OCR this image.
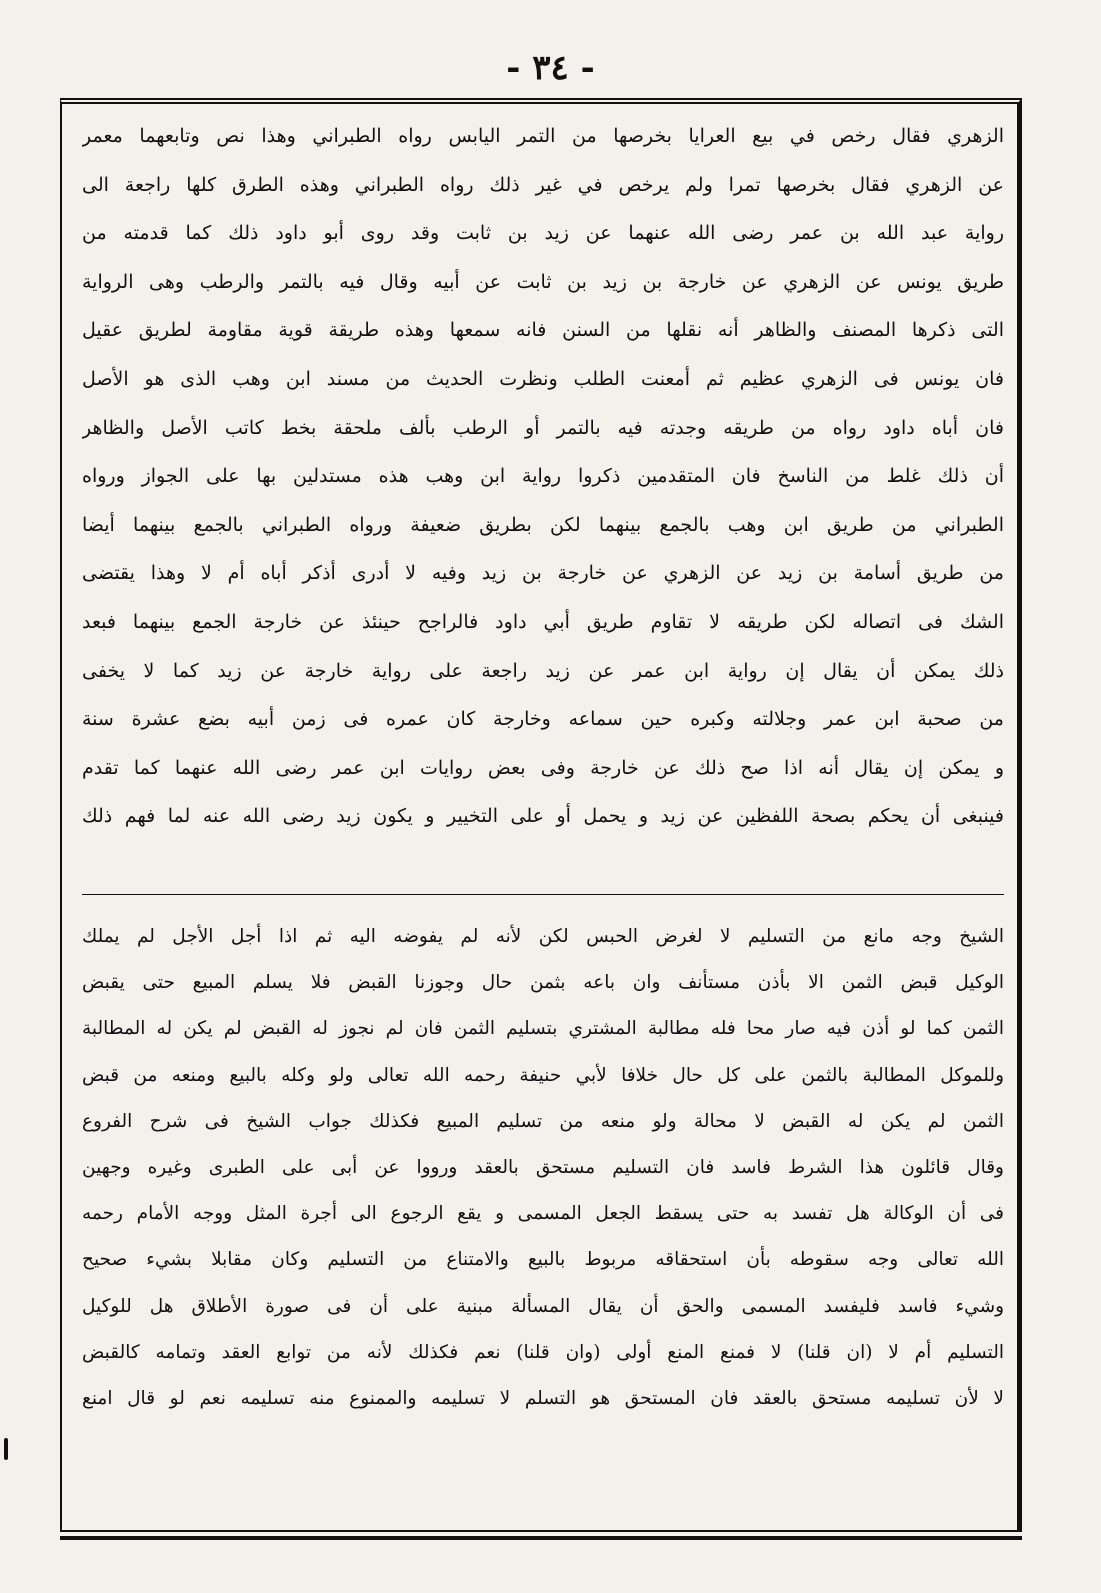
- ٣٤ -
الزهري فقال رخص في بيع العرايا بخرصها من التمر اليابس رواه الطبراني وهذا نص وتابعهما معمر
عن الزهري فقال بخرصها تمرا ولم يرخص في غير ذلك رواه الطبراني وهذه الطرق كلها راجعة الى
رواية عبد الله بن عمر رضى الله عنهما عن زيد بن ثابت وقد روى أبو داود ذلك كما قدمته من
طريق يونس عن الزهري عن خارجة بن زيد بن ثابت عن أبيه وقال فيه بالتمر والرطب وهى الرواية
التى ذكرها المصنف والظاهر أنه نقلها من السنن فانه سمعها وهذه طريقة قوية مقاومة لطريق عقيل
فان يونس فى الزهري عظيم ثم أمعنت الطلب ونظرت الحديث من مسند ابن وهب الذى هو الأصل
فان أباه داود رواه من طريقه وجدته فيه بالتمر أو الرطب بألف ملحقة بخط كاتب الأصل والظاهر
أن ذلك غلط من الناسخ فان المتقدمين ذكروا رواية ابن وهب هذه مستدلين بها على الجواز ورواه
الطبراني من طريق ابن وهب بالجمع بينهما لكن بطريق ضعيفة ورواه الطبراني بالجمع بينهما أيضا
من طريق أسامة بن زيد عن الزهري عن خارجة بن زيد وفيه لا أدرى أذكر أباه أم لا وهذا يقتضى
الشك فى اتصاله لكن طريقه لا تقاوم طريق أبي داود فالراجح حينئذ عن خارجة الجمع بينهما فبعد
ذلك يمكن أن يقال إن رواية ابن عمر عن زيد راجعة على رواية خارجة عن زيد كما لا يخفى
من صحبة ابن عمر وجلالته وكبره حين سماعه وخارجة كان عمره فى زمن أبيه بضع عشرة سنة
و يمكن إن يقال أنه اذا صح ذلك عن خارجة وفى بعض روايات ابن عمر رضى الله عنهما كما تقدم
فينبغى أن يحكم بصحة اللفظين عن زيد و يحمل أو على التخيير و يكون زيد رضى الله عنه لما فهم ذلك
الشيخ وجه مانع من التسليم لا لغرض الحبس لكن لأنه لم يفوضه اليه ثم اذا أجل الأجل لم يملك
الوكيل قبض الثمن الا بأذن مستأنف وان باعه بثمن حال وجوزنا القبض فلا يسلم المبيع حتى يقبض
الثمن كما لو أذن فيه صار محا فله مطالبة المشتري بتسليم الثمن فان لم نجوز له القبض لم يكن له المطالبة
وللموكل المطالبة بالثمن على كل حال خلافا لأبي حنيفة رحمه الله تعالى ولو وكله بالبيع ومنعه من قبض
الثمن لم يكن له القبض لا محالة ولو منعه من تسليم المبيع فكذلك جواب الشيخ فى شرح الفروع
وقال قائلون هذا الشرط فاسد فان التسليم مستحق بالعقد ورووا عن أبى على الطبرى وغيره وجهين
فى أن الوكالة هل تفسد به حتى يسقط الجعل المسمى و يقع الرجوع الى أجرة المثل ووجه الأمام رحمه
الله تعالى وجه سقوطه بأن استحقاقه مربوط بالبيع والامتناع من التسليم وكان مقابلا بشيء صحيح
وشيء فاسد فليفسد المسمى والحق أن يقال المسألة مبنية على أن فى صورة الأطلاق هل للوكيل
التسليم أم لا (ان قلنا) لا فمنع المنع أولى (وان قلنا) نعم فكذلك لأنه من توابع العقد وتمامه كالقبض
لا لأن تسليمه مستحق بالعقد فان المستحق هو التسلم لا تسليمه والممنوع منه تسليمه نعم لو قال امنع
